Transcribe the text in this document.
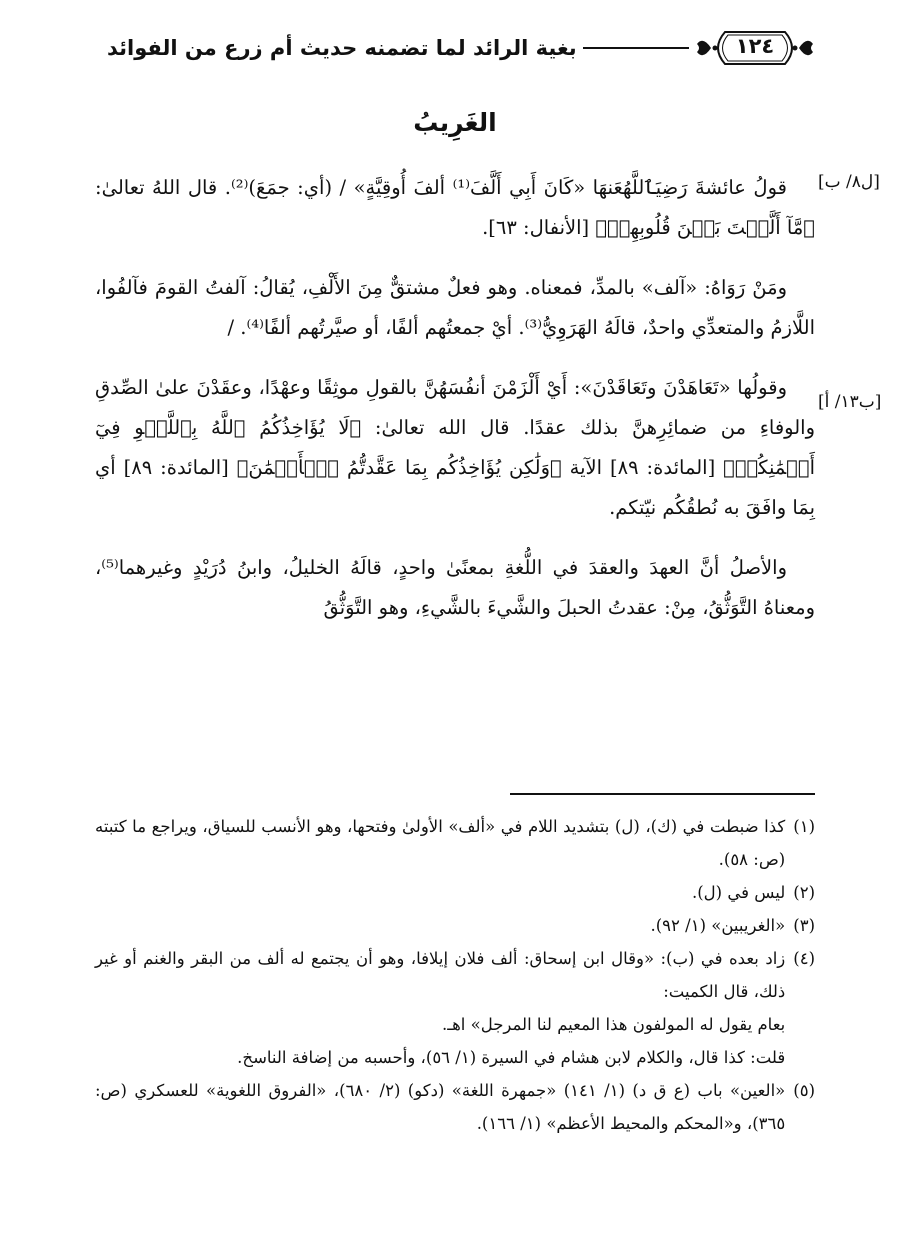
١٢٤
بغية الرائد لما تضمنه حديث أم زرع من الفوائد
الغَرِيبُ
[ل٨/ ب]
[ب١٣/ أ]

قولُ عائشةَ رَضِيَٱللَّهُعَنهَا «كَانَ أَبِي أَلَّفَ⁽¹⁾ ألفَ أُوقِيَّةٍ» / (أي: جمَعَ)⁽²⁾. قال اللهُ تعالىٰ: ﴿مَّآ أَلَّفۡتَ بَيۡنَ قُلُوبِهِمۡ﴾ [الأنفال: ٦٣].

ومَنْ رَوَاهُ: «آلف» بالمدِّ، فمعناه. وهو فعلٌ مشتقٌّ مِنَ الأَلْفِ، يُقالُ: آلفتُ القومَ فآلفُوا، اللَّازمُ والمتعدِّي واحدٌ، قالَهُ الهَرَوِيُّ⁽³⁾. أيْ جمعتُهم ألفًا، أو صيَّرتُهم ألفًا⁽⁴⁾. /

وقولُها «تَعَاهَدْنَ وتَعَاقَدْنَ»: أَيْ أَلْزَمْنَ أنفُسَهُنَّ بالقولِ موثِقًا وعهْدًا، وعقَدْنَ علىٰ الصِّدقِ والوفاءِ من ضمائِرِهنَّ بذلك عقدًا. قال الله تعالىٰ: ﴿لَا يُؤَاخِذُكُمُ ٱللَّهُ بِٱللَّغۡوِ فِيٓ أَيۡمَٰنِكُمۡ﴾ [المائدة: ٨٩] الآية ﴿وَلَٰكِن يُؤَاخِذُكُم بِمَا عَقَّدتُّمُ ٱلۡأَيۡمَٰنَ﴾ [المائدة: ٨٩] أي بِمَا وافَقَ به نُطقُكُم نيّتكم.

والأصلُ أنَّ العهدَ والعقدَ في اللُّغةِ بمعنًىٰ واحدٍ، قالَهُ الخليلُ، وابنُ دُرَيْدٍ وغيرهما⁽⁵⁾، ومعناهُ التَّوَثُّقُ، مِنْ: عقدتُ الحبلَ والشَّيءَ بالشَّيءِ، وهو التَّوَثُّقُ

(١)
كذا ضبطت في (ك)، (ل) بتشديد اللام في «ألف» الأولىٰ وفتحها، وهو الأنسب للسياق، ويراجع ما كتبته (ص: ٥٨).
(٢)
ليس في (ل).
(٣)
«الغريبين» (١/ ٩٢).
(٤)
زاد بعده في (ب): «وقال ابن إسحاق: ألف فلان إيلافا، وهو أن يجتمع له ألف من البقر والغنم أو غير ذلك، قال الكميت:
بعام يقول له المولفون هذا المعيم لنا المرجل» اهـ.
قلت: كذا قال، والكلام لابن هشام في السيرة (١/ ٥٦)، وأحسبه من إضافة الناسخ.
(٥)
«العين» باب (ع ق د) (١/ ١٤١) «جمهرة اللغة» (دكو) (٢/ ٦٨٠)، «الفروق اللغوية» للعسكري (ص: ٣٦٥)، و«المحكم والمحيط الأعظم» (١/ ١٦٦).
